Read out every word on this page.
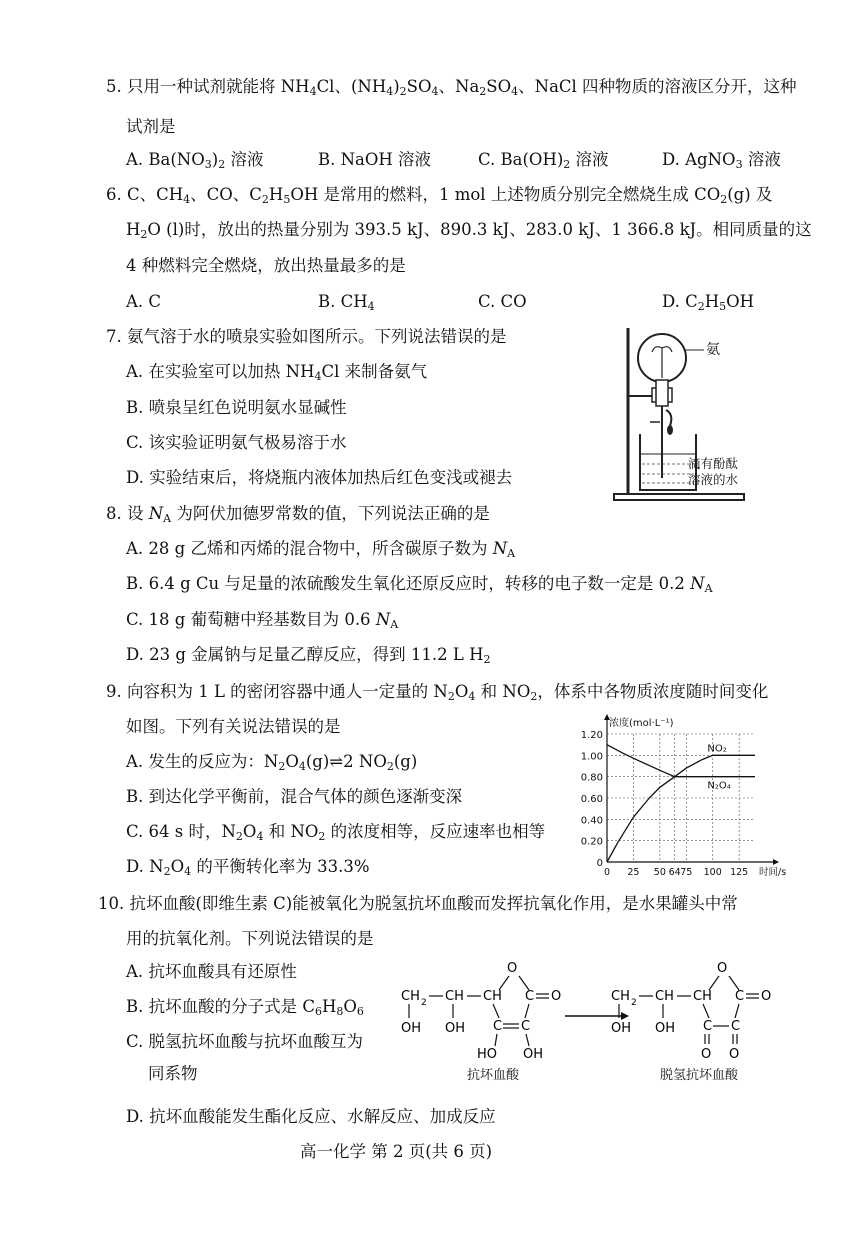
5. 只用一种试剂就能将 $NH_4Cl$、$(NH_4)_2SO_4$、$Na_2SO_4$、NaCl 四种物质的溶液区分开，这种
试剂是
A. $Ba(NO_3)_2$ 溶液	B. NaOH 溶液	C. $Ba(OH)_2$ 溶液	D. AgNO$_3$ 溶液
6. C、$CH_4$、CO、$C_2H_5OH$ 是常用的燃料，1 mol 上述物质分别完全燃烧生成 $CO_2(g)$ 及
$H_2O$ (l)时，放出的热量分别为 393.5 kJ、890.3 kJ、283.0 kJ、1 366.8 kJ。相同质量的这
4 种燃料完全燃烧，放出热量最多的是
A. C	B. $CH_4$	C. CO	D. $C_2H_5OH$
7. 氨气溶于水的喷泉实验如图所示。下列说法错误的是
A. 在实验室可以加热 $NH_4Cl$ 来制备氨气
B. 喷泉呈红色说明氨水显碱性
C. 该实验证明氨气极易溶于水
D. 实验结束后，将烧瓶内液体加热后红色变浅或褪去
氨
滴有酚酞
溶液的水
8. 设 $N_A$ 为阿伏加德罗常数的值，下列说法正确的是
A. 28 g 乙烯和丙烯的混合物中，所含碳原子数为 $N_A$
B. 6.4 g Cu 与足量的浓硫酸发生氧化还原反应时，转移的电子数一定是 0.2 $N_A$
C. 18 g 葡萄糖中羟基数目为 0.6 $N_A$
D. 23 g 金属钠与足量乙醇反应，得到 11.2 L $H_2$
9. 向容积为 1 L 的密闭容器中通人一定量的 $N_2O_4$ 和 $NO_2$，体系中各物质浓度随时间变化
如图。下列有关说法错误的是
A. 发生的反应为：$N_2O_4(g)\rightleftharpoons 2$ $NO_2(g)$
B. 到达化学平衡前，混合气体的颜色逐渐变深
C. 64 s 时，$N_2O_4$ 和 $NO_2$ 的浓度相等，反应速率也相等
D. $N_2O_4$ 的平衡转化率为 33.3%	0
0.20
0.40
0.60
0.80
1.00
1.20
0 25 50 64 75 100 125
浓度(mol·L⁻¹)
时间/s
NO₂
N₂O₄
10. 抗坏血酸(即维生素 C)能被氧化为脱氢抗坏血酸而发挥抗氧化作用，是水果罐头中常
用的抗氧化剂。下列说法错误的是
A. 抗坏血酸具有还原性
B. 抗坏血酸的分子式是 $C_6H_8O_6$
C. 脱氢抗坏血酸与抗坏血酸互为
同系物
D. 抗坏血酸能发生酯化反应、水解反应、加成反应
CH 2 CH CH
OH OH
O
C O
C C
HO OH
CH 2 CH CH
OH OH
O
C O
C C
O O
抗坏血酸	脱氢抗坏血酸
高一化学 第 2 页(共 6 页)
